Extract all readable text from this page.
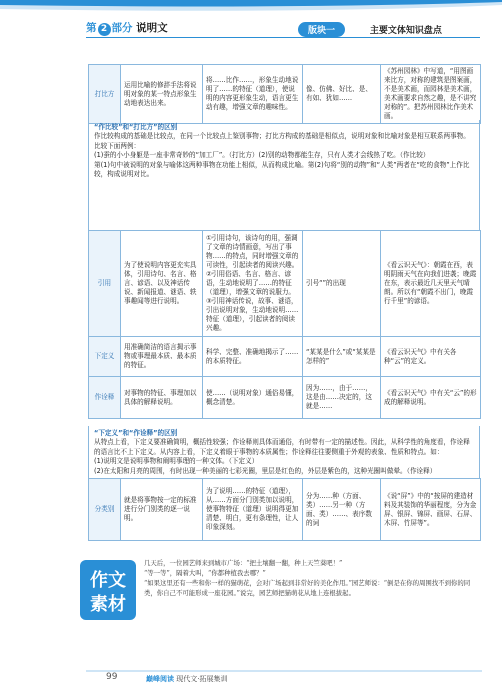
第 2 部分 说明文	版块一	主要文体知识盘点
打比方	运用比喻的修辞手法将说明对象的某一特点形象生动地表达出来。	将……比作……，形象生动地说明了……的特征（道理），使说明的内容更形象生动，语言更生动有趣，增强文章的趣味性。	像、仿佛、好比、是、有如、犹如……	《苏州园林》中写道，“用图画来比方，对称的建筑是图案画，不是美术画，而园林是美术画，美术画要求自然之趣，是不讲究对称的”。把苏州园林比作美术画。
“作比较”和“打比方”的区别
作比较构成的基础是比较点，在同一个比较点上鉴别事物；打比方构成的基础是相似点，说明对象和比喻对象是相互联系两事物。比较下面两例：
(1)蚕的小小身躯是一座非常奇妙的“加工厂”。（打比方）(2)别的动物都能生存，只有人类才会线热了吃。（作比较）
第(1)句中被说明的对象与喻体这两种事物在功能上相似，从而构成比喻。第(2)句将“别的动物”和“人类”两者在“吃的食物”上作比较，构成说明对比。
引用	为了使说明内容更充实具体，引用诗句、名言、格言、谚语、以及神话传说、新闻报道、谜语、轶事趣闻等进行说明。	①引用诗句，该诗句的用，强调了文章的诗情画意，写出了事物……的特点，同时增强文章的可读性，引起读者的阅读兴趣。②引用俗语、名言、格言、谚语，生动地说明了……的特征（道理），增强文章的说服力。③引用神话传说，故事、谜语，引出说明对象，生动地说明……特征（道理），引起读者的阅读兴趣。	引号“”的出现	《看云识天气》：朝霞在西，表明阴雨天气在向我们进袭；晚霞在东，表示最近几天里天气晴朗。所以有“朝霞不出门，晚霞行千里”的谚语。
下定义	用准确简洁的语言揭示事物或事理最本质、最本质的特征。	科学、完整、准确地揭示了……的本质特征。	“某某是什么”或“某某是怎样的”	《看云识天气》中有关各种“云”的定义。
作诠释	对事物的特征、事理加以具体的解释说明。	使……（说明对象）通俗易懂，概念清楚。	因为……，由于……，这是由……决定的，这就是……	《看云识天气》中有关“云”的形成的解释说明。
“下定义”和“作诠释”的区别
从特点上看，下定义要准确简明，概括性较强；作诠释则具体而通俗，有时带有一定的描述性。因此，从科学性的角度看，作诠释的语言比不上下定义。从内容上看，下定义着眼于事物的本质属性；作诠释往往要侧重于外观的表象、性质和特点。如：
(1)说明文是说明事物和阐明事理的一种文体。（下定义）
(2)在太阳和月亮的周围，有时出现一种美丽的七彩光圈，里层是红色的，外层是紫色的，这种光圈叫做晕。（作诠释）
分类别	就是将事物按一定的标准进行分门别类的逐一说明。	为了说明……的特征（道理），从……方面分门别类加以说明，使事物特征（道理）说明得更加清楚、明白，更有条理性，让人印象深刻。	分为……种（方面、类）……另一种（方面、类）……、表序数的词	《说“屏”》中的“按屏的建造材料及其装饰的华丽程度，分为金屏、银屏、锦屏、画屏、石屏、木屏、竹屏等”。
作文
素材
几天后，一位园艺师来到城市广场：“把土壤翻一翻，种上天竺葵吧！”
“等一等”，隔着大叫，“你都种植我去哪？”
“如果这里还有一些和你一样的猫萌花，会对广场起到非常好的美化作用。”园艺师说：“倒是在你的周围找不到你的同类，你自己不可能形成一座花园。”说完，园艺师把猫萌花从地上连根拔起。
99	巅峰阅读 现代文·拓展集训
